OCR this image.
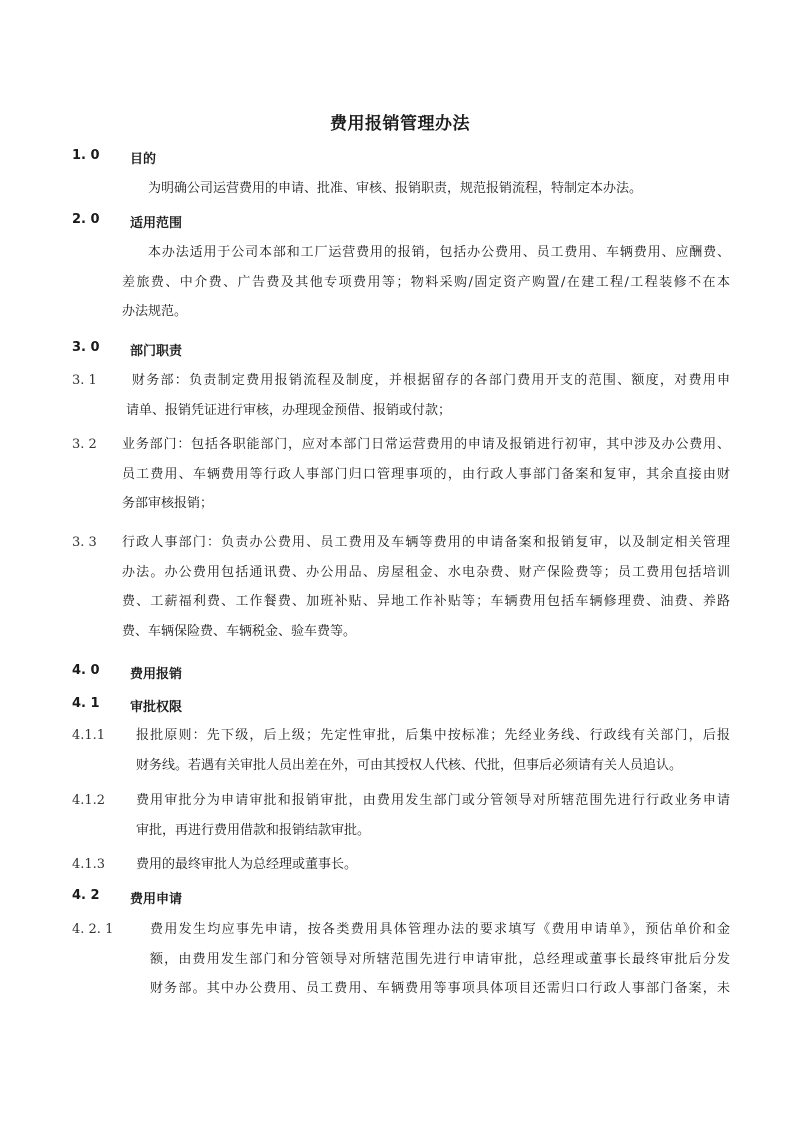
费用报销管理办法
1. 0 目的
为明确公司运营费用的申请、批准、审核、报销职责，规范报销流程，特制定本办法。
2. 0 适用范围
本办法适用于公司本部和工厂运营费用的报销，包括办公费用、员工费用、车辆费用、应酬费、
差旅费、中介费、广告费及其他专项费用等；物料采购/固定资产购置/在建工程/工程装修不在本
办法规范。
3. 0 部门职责
3. 1	财务部：负责制定费用报销流程及制度，并根据留存的各部门费用开支的范围、额度，对费用申
请单、报销凭证进行审核，办理现金预借、报销或付款；
3. 2 业务部门：包括各职能部门，应对本部门日常运营费用的申请及报销进行初审，其中涉及办公费用、
员工费用、车辆费用等行政人事部门归口管理事项的，由行政人事部门备案和复审，其余直接由财
务部审核报销；
3. 3 行政人事部门：负责办公费用、员工费用及车辆等费用的申请备案和报销复审，以及制定相关管理
办法。办公费用包括通讯费、办公用品、房屋租金、水电杂费、财产保险费等；员工费用包括培训
费、工薪福利费、工作餐费、加班补贴、异地工作补贴等；车辆费用包括车辆修理费、油费、养路
费、车辆保险费、车辆税金、验车费等。
4. 0 费用报销
4. 1 审批权限
4.1.1 报批原则：先下级，后上级；先定性审批，后集中按标准；先经业务线、行政线有关部门，后报
财务线。若遇有关审批人员出差在外，可由其授权人代核、代批，但事后必须请有关人员追认。
4.1.2 费用审批分为申请审批和报销审批，由费用发生部门或分管领导对所辖范围先进行行政业务申请
审批，再进行费用借款和报销结款审批。
4.1.3 费用的最终审批人为总经理或董事长。
4. 2 费用申请
4. 2. 1	费用发生均应事先申请，按各类费用具体管理办法的要求填写《费用申请单》，预估单价和金
额，由费用发生部门和分管领导对所辖范围先进行申请审批，总经理或董事长最终审批后分发
财务部。其中办公费用、员工费用、车辆费用等事项具体项目还需归口行政人事部门备案，未
